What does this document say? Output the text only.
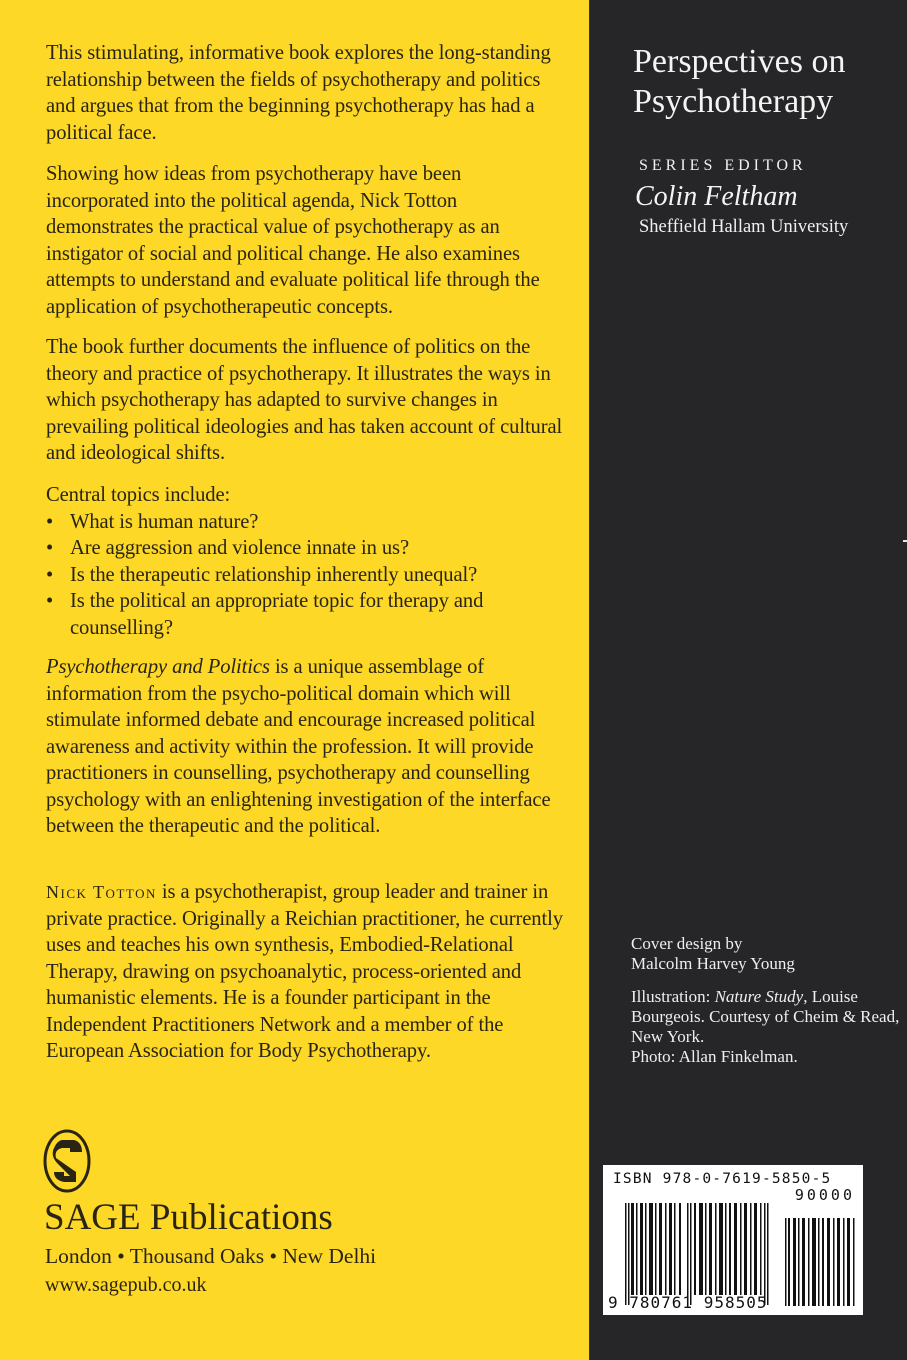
This stimulating, informative book explores the long-standing relationship between the fields of psychotherapy and politics and argues that from the beginning psychotherapy has had a political face.

Showing how ideas from psychotherapy have been incorporated into the political agenda, Nick Totton demonstrates the practical value of psychotherapy as an instigator of social and political change. He also examines attempts to understand and evaluate political life through the application of psychotherapeutic concepts.

The book further documents the influence of politics on the theory and practice of psychotherapy. It illustrates the ways in which psychotherapy has adapted to survive changes in prevailing political ideologies and has taken account of cultural and ideological shifts.

Central topics include:
• What is human nature?
• Are aggression and violence innate in us?
• Is the therapeutic relationship inherently unequal?
• Is the political an appropriate topic for therapy and counselling?

Psychotherapy and Politics is a unique assemblage of information from the psycho-political domain which will stimulate informed debate and encourage increased political awareness and activity within the profession. It will provide practitioners in counselling, psychotherapy and counselling psychology with an enlightening investigation of the interface between the therapeutic and the political.

Nick Totton is a psychotherapist, group leader and trainer in private practice. Originally a Reichian practitioner, he currently uses and teaches his own synthesis, Embodied-Relational Therapy, drawing on psychoanalytic, process-oriented and humanistic elements. He is a founder participant in the Independent Practitioners Network and a member of the European Association for Body Psychotherapy.

SAGE Publications
London • Thousand Oaks • New Delhi
www.sagepub.co.uk
Perspectives on
Psychotherapy
SERIES EDITOR
Colin Feltham
Sheffield Hallam University

Cover design by
Malcolm Harvey Young

Illustration: Nature Study, Louise Bourgeois. Courtesy of Cheim & Read, New York.
Photo: Allan Finkelman.

ISBN 978-0-7619-5850-5
90000
9 780761 958505
